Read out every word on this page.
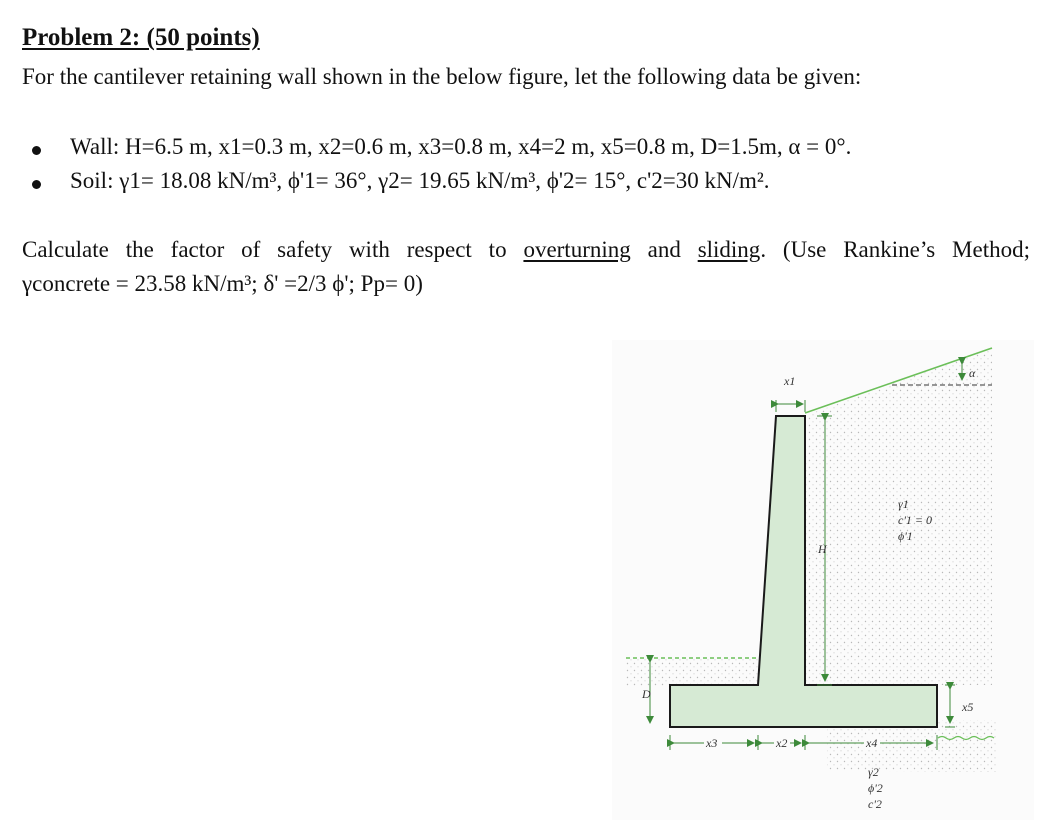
Problem 2: (50 points)
For the cantilever retaining wall shown in the below figure, let the following data be given:
Wall: H=6.5 m, x1=0.3 m, x2=0.6 m, x3=0.8 m, x4=2 m, x5=0.8 m, D=1.5m, α = 0°.
Soil: γ1= 18.08 kN/m³, ϕ'1= 36°, γ2= 19.65 kN/m³, ϕ'2= 15°, c'2=30 kN/m².
Calculate the factor of safety with respect to overturning and sliding. (Use Rankine’s Method;
γconcrete = 23.58 kN/m³; δ' =2/3 ϕ'; Pp= 0)
x1
H
α
D
x5
x3	x2	x4
γ1
c'1 = 0
ϕ'1
γ2
ϕ'2
c'2
